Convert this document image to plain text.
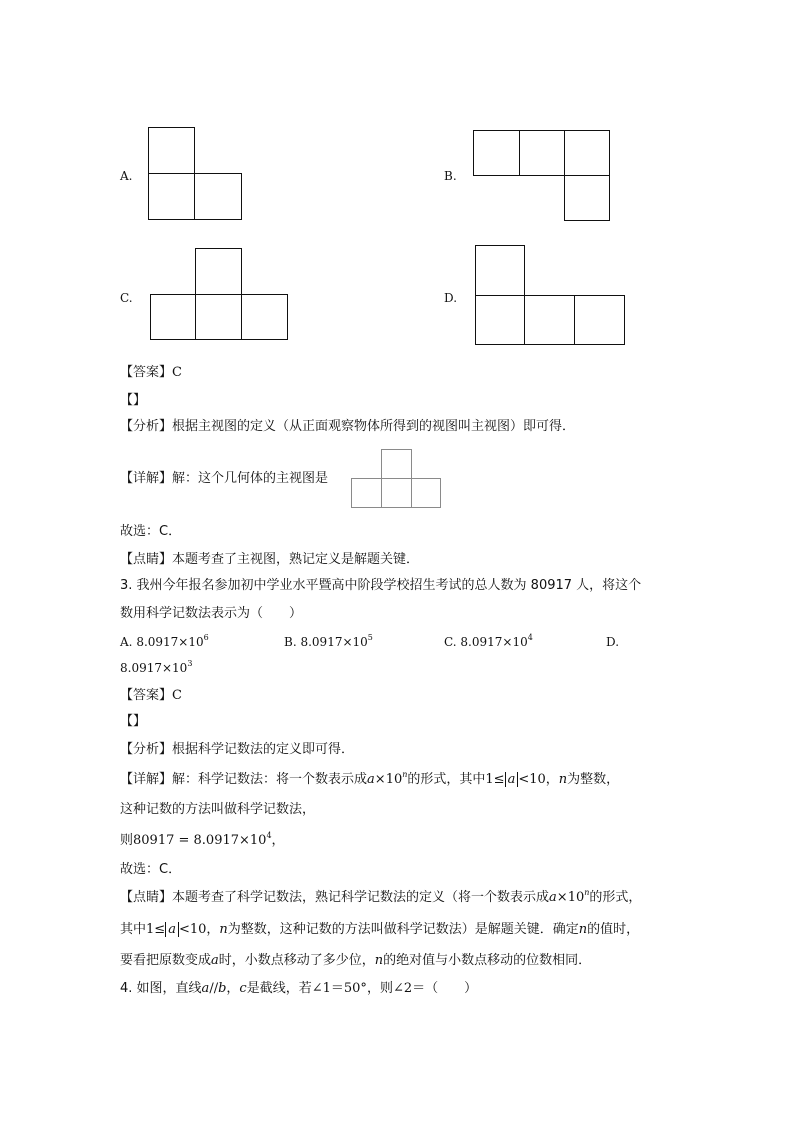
A.	B.
C.	D.
【答案】C
【】
【分析】根据主视图的定义（从正面观察物体所得到的视图叫主视图）即可得．
【详解】解：这个几何体的主视图是
故选：C．
【点睛】本题考查了主视图，熟记定义是解题关键．
3. 我州今年报名参加初中学业水平暨高中阶段学校招生考试的总人数为 80917 人，将这个
数用科学记数法表示为（　　）
A. $8.0917\times 10^6$	B. $8.0917\times 10^5$	C. $8.0917\times 10^4$	D.
$8.0917\times 10^3$
【答案】C
【】
【分析】根据科学记数法的定义即可得．
【详解】解：科学记数法：将一个数表示成$a\times 10^n$的形式，其中1≤ a <10，n为整数，
这种记数的方法叫做科学记数法，
则$80917 = 8.0917\times 10^4$，
故选：C．
【点睛】本题考查了科学记数法，熟记科学记数法的定义（将一个数表示成$a\times 10^n$的形式，
其中1≤ a <10，n为整数，这种记数的方法叫做科学记数法）是解题关键．确定n的值时，
要看把原数变成a时，小数点移动了多少位，n的绝对值与小数点移动的位数相同．
4. 如图，直线a//b，c是截线，若∠1＝50°，则∠2＝（　　）
